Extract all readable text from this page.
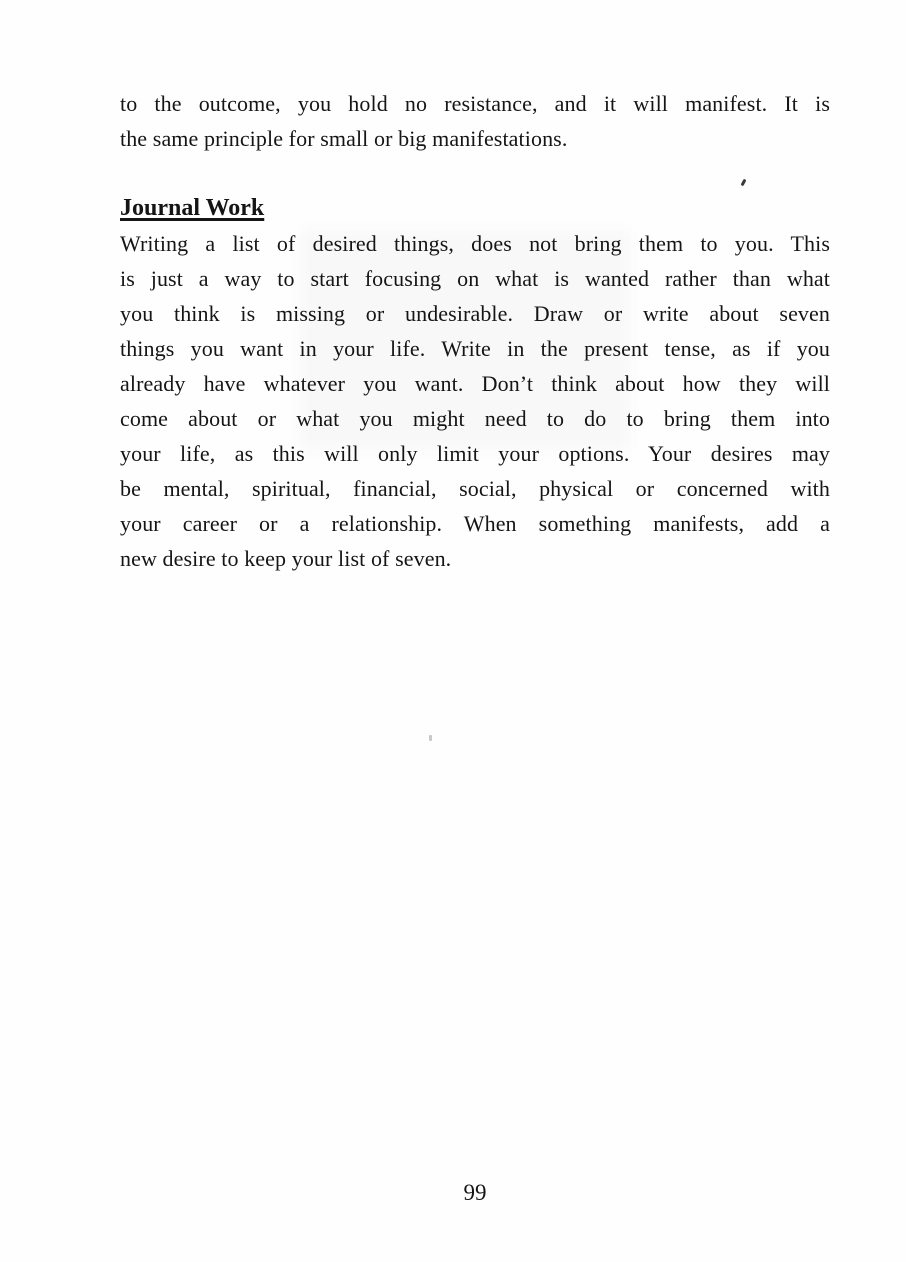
to the outcome, you hold no resistance, and it will manifest. It is
the same principle for small or big manifestations.
Journal Work
Writing a list of desired things, does not bring them to you. This
is just a way to start focusing on what is wanted rather than what
you think is missing or undesirable. Draw or write about seven
things you want in your life. Write in the present tense, as if you
already have whatever you want. Don’t think about how they will
come about or what you might need to do to bring them into
your life, as this will only limit your options. Your desires may
be mental, spiritual, financial, social, physical or concerned with
your career or a relationship. When something manifests, add a
new desire to keep your list of seven.
99
